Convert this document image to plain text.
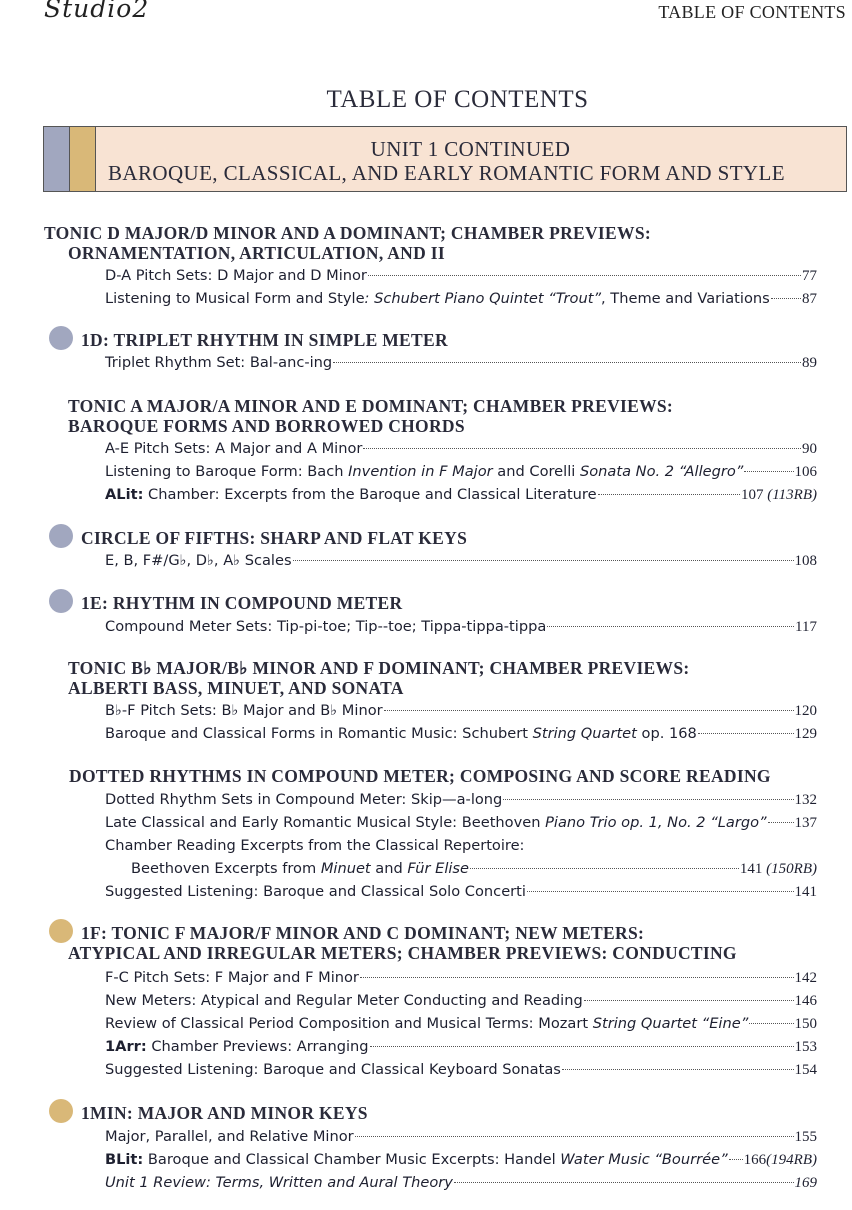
Studio2	TABLE OF CONTENTS
TABLE OF CONTENTS
UNIT 1 CONTINUED
BAROQUE, CLASSICAL, AND EARLY ROMANTIC FORM AND STYLE
TONIC D MAJOR/D MINOR AND A DOMINANT; CHAMBER PREVIEWS:
ORNAMENTATION, ARTICULATION, AND II
D-A Pitch Sets: D Major and D Minor	77
Listening to Musical Form and Style: Schubert Piano Quintet “Trout”, Theme and Variations 87
1D: TRIPLET RHYTHM IN SIMPLE METER
Triplet Rhythm Set: Bal-anc-ing	89
TONIC A MAJOR/A MINOR AND E DOMINANT; CHAMBER PREVIEWS:
BAROQUE FORMS AND BORROWED CHORDS
A-E Pitch Sets: A Major and A Minor	90
Listening to Baroque Form: Bach Invention in F Major and Corelli Sonata No. 2 “Allegro”	106
ALit: Chamber: Excerpts from the Baroque and Classical Literature	107 (113RB)
CIRCLE OF FIFTHS: SHARP AND FLAT KEYS
E, B, F#/G♭, D♭, A♭ Scales	108
1E: RHYTHM IN COMPOUND METER
Compound Meter Sets: Tip-pi-toe; Tip--toe; Tippa-tippa-tippa	117
TONIC B♭ MAJOR/B♭ MINOR AND F DOMINANT; CHAMBER PREVIEWS:
ALBERTI BASS, MINUET, AND SONATA
B♭-F Pitch Sets: B♭ Major and B♭ Minor	120
Baroque and Classical Forms in Romantic Music: Schubert String Quartet op. 168	129
DOTTED RHYTHMS IN COMPOUND METER; COMPOSING AND SCORE READING
Dotted Rhythm Sets in Compound Meter: Skip—a-long	132
Late Classical and Early Romantic Musical Style: Beethoven Piano Trio op. 1, No. 2 “Largo” 137
Chamber Reading Excerpts from the Classical Repertoire:
Beethoven Excerpts from Minuet and Für Elise	141 (150RB)
Suggested Listening: Baroque and Classical Solo Concerti	141
1F: TONIC F MAJOR/F MINOR AND C DOMINANT; NEW METERS:
ATYPICAL AND IRREGULAR METERS; CHAMBER PREVIEWS: CONDUCTING
F-C Pitch Sets: F Major and F Minor	142
New Meters: Atypical and Regular Meter Conducting and Reading	146
Review of Classical Period Composition and Musical Terms: Mozart String Quartet “Eine”	150
1Arr: Chamber Previews: Arranging	153
Suggested Listening: Baroque and Classical Keyboard Sonatas	154
1MIN: MAJOR AND MINOR KEYS
Major, Parallel, and Relative Minor	155
BLit: Baroque and Classical Chamber Music Excerpts: Handel Water Music “Bourrée” 166(194RB)
Unit 1 Review: Terms, Written and Aural Theory	169
